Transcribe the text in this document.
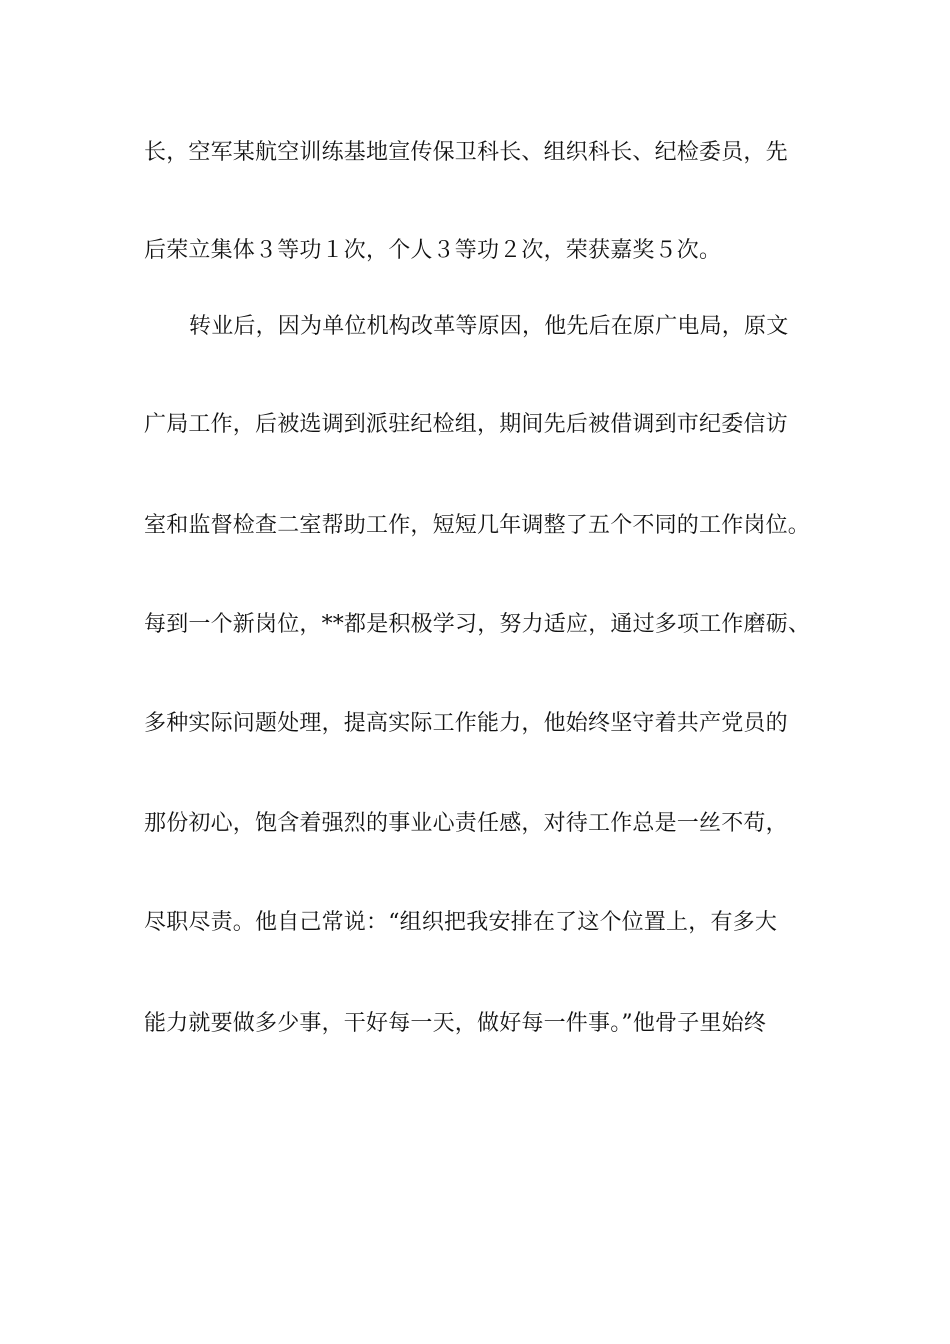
长，空军某航空训练基地宣传保卫科长、组织科长、纪检委员，先
后荣立集体３等功１次，个人３等功２次，荣获嘉奖５次。
转业后，因为单位机构改革等原因，他先后在原广电局，原文
广局工作，后被选调到派驻纪检组，期间先后被借调到市纪委信访
室和监督检查二室帮助工作，短短几年调整了五个不同的工作岗位。
每到一个新岗位，**都是积极学习，努力适应，通过多项工作磨砺、
多种实际问题处理，提高实际工作能力，他始终坚守着共产党员的
那份初心，饱含着强烈的事业心责任感，对待工作总是一丝不苟，
尽职尽责。他自己常说：“组织把我安排在了这个位置上，有多大
能力就要做多少事，干好每一天，做好每一件事。”他骨子里始终
